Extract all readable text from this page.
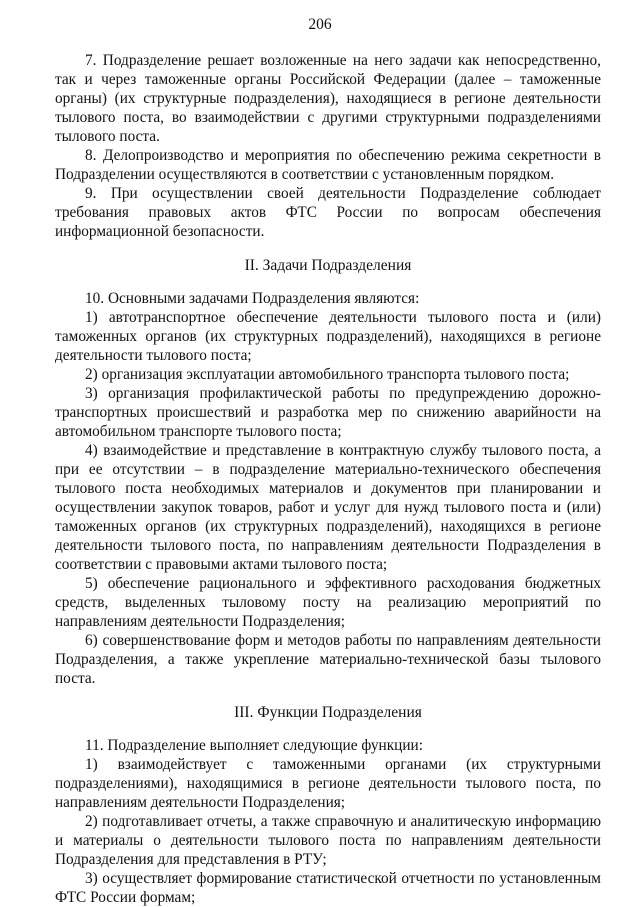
206

7. Подразделение решает возложенные на него задачи как непосредственно, так и через таможенные органы Российской Федерации (далее – таможенные органы) (их структурные подразделения), находящиеся в регионе деятельности тылового поста, во взаимодействии с другими структурными подразделениями тылового поста.

8. Делопроизводство и мероприятия по обеспечению режима секретности в Подразделении осуществляются в соответствии с установленным порядком.

9. При осуществлении своей деятельности Подразделение соблюдает требования правовых актов ФТС России по вопросам обеспечения информационной безопасности.

II. Задачи Подразделения

10. Основными задачами Подразделения являются:

1) автотранспортное обеспечение деятельности тылового поста и (или) таможенных органов (их структурных подразделений), находящихся в регионе деятельности тылового поста;

2) организация эксплуатации автомобильного транспорта тылового поста;

3) организация профилактической работы по предупреждению дорожно-транспортных происшествий и разработка мер по снижению аварийности на автомобильном транспорте тылового поста;

4) взаимодействие и представление в контрактную службу тылового поста, а при ее отсутствии – в подразделение материально-технического обеспечения тылового поста необходимых материалов и документов при планировании и осуществлении закупок товаров, работ и услуг для нужд тылового поста и (или) таможенных органов (их структурных подразделений), находящихся в регионе деятельности тылового поста, по направлениям деятельности Подразделения в соответствии с правовыми актами тылового поста;

5) обеспечение рационального и эффективного расходования бюджетных средств, выделенных тыловому посту на реализацию мероприятий по направлениям деятельности Подразделения;

6) совершенствование форм и методов работы по направлениям деятельности Подразделения, а также укрепление материально-технической базы тылового поста.

III. Функции Подразделения

11. Подразделение выполняет следующие функции:

1) взаимодействует с таможенными органами (их структурными подразделениями), находящимися в регионе деятельности тылового поста, по направлениям деятельности Подразделения;

2) подготавливает отчеты, а также справочную и аналитическую информацию и материалы о деятельности тылового поста по направлениям деятельности Подразделения для представления в РТУ;

3) осуществляет формирование статистической отчетности по установленным ФТС России формам;
